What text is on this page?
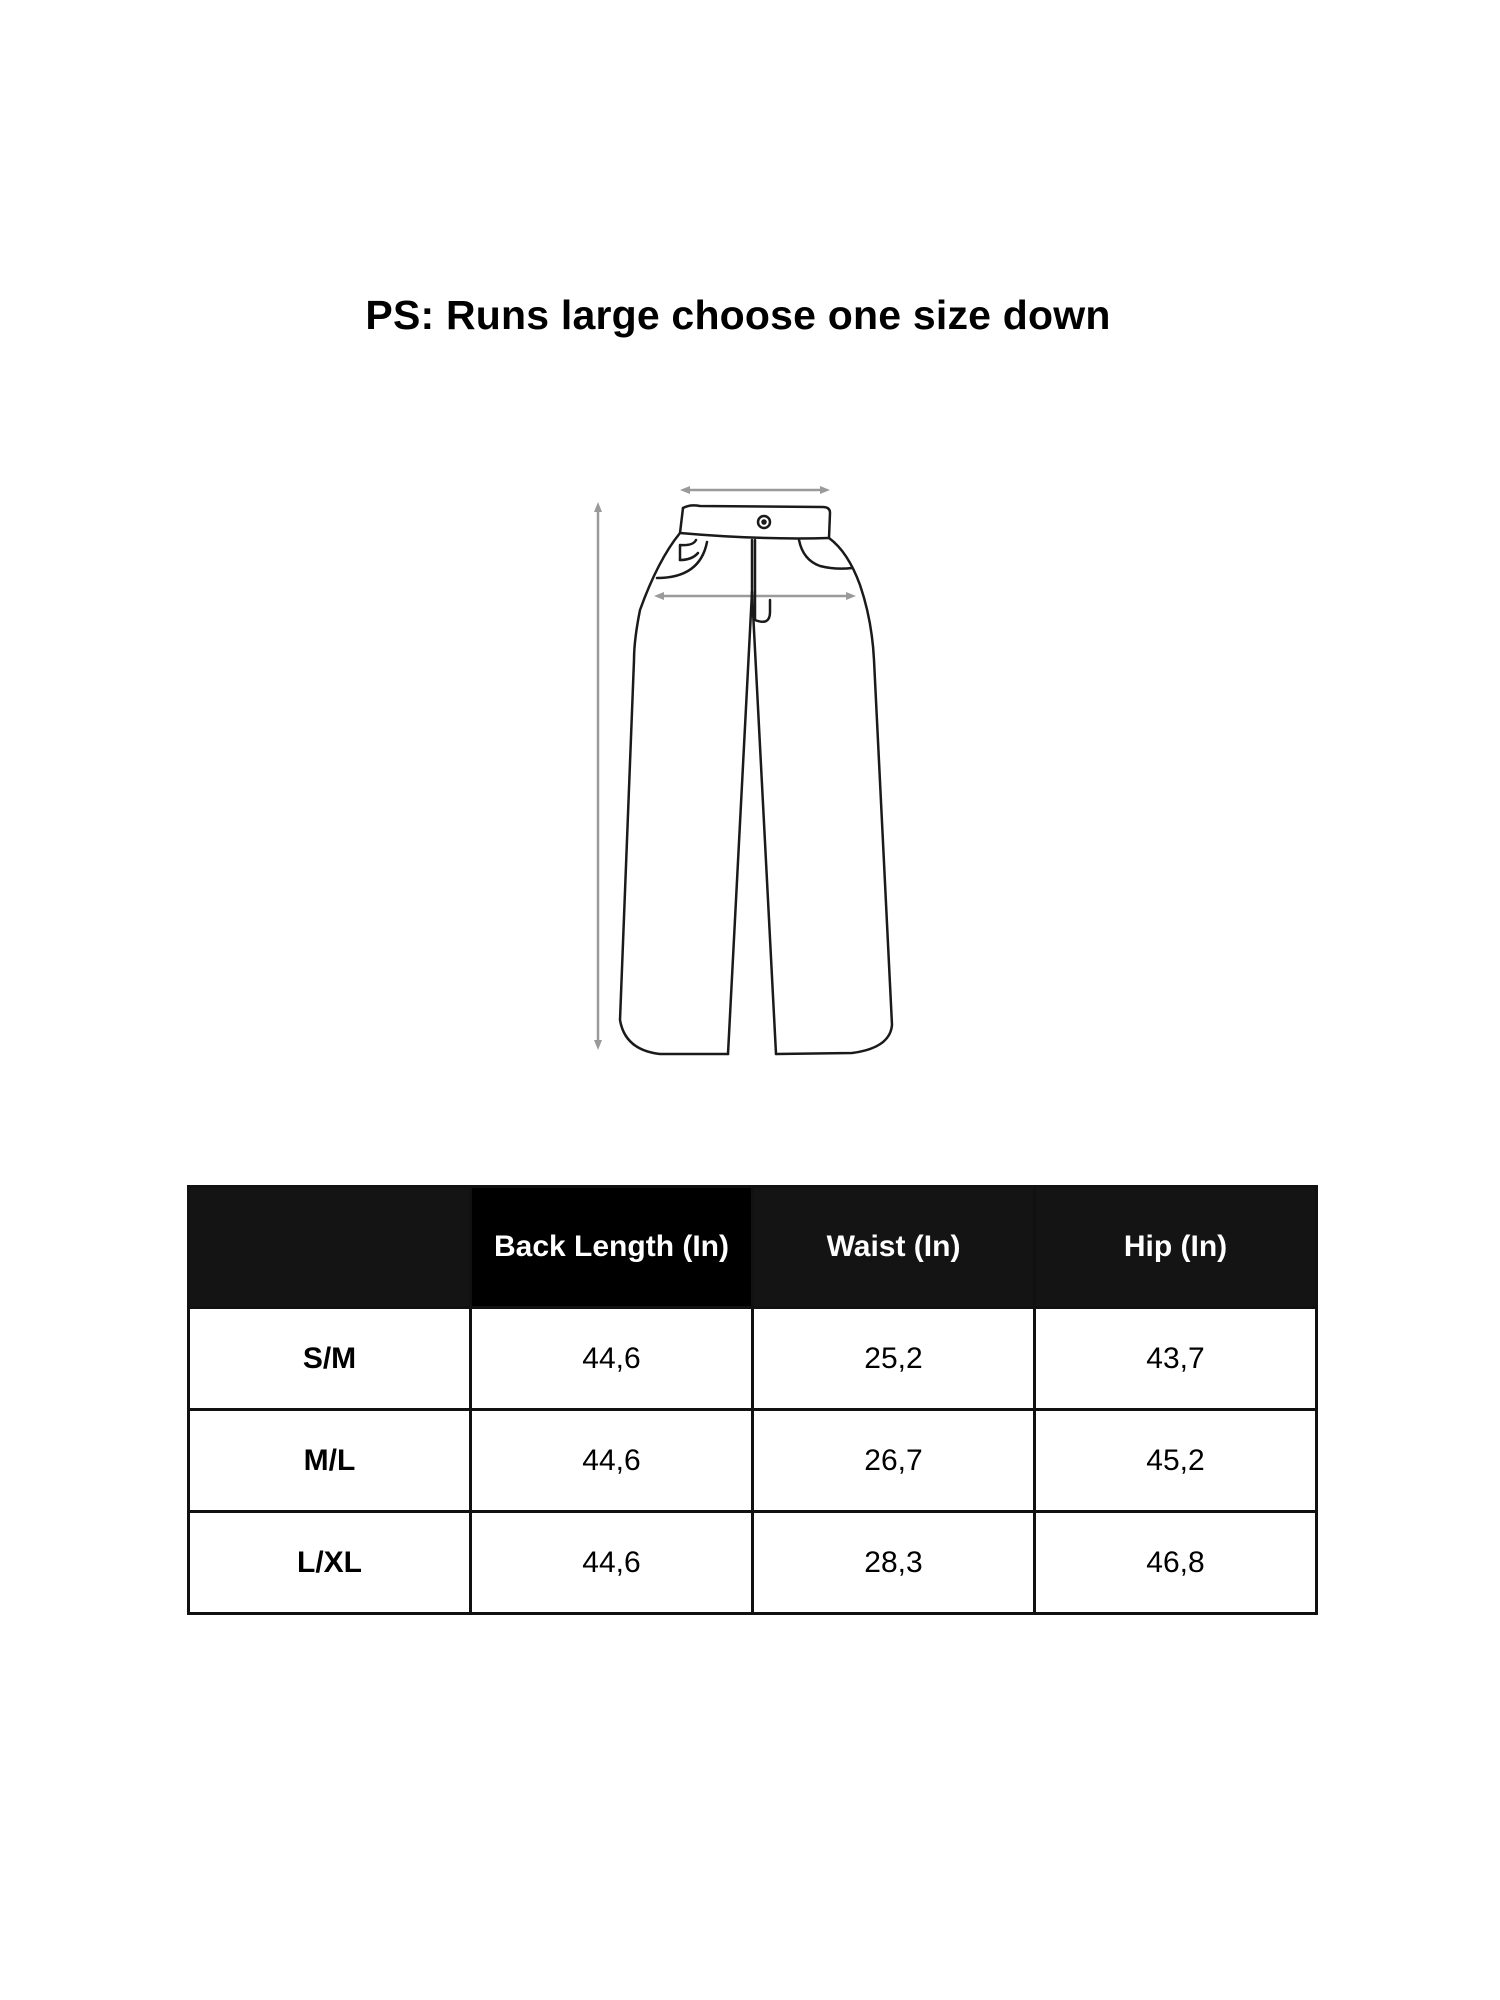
PS: Runs large choose one size down
	Back Length (In)	Waist (In)	Hip (In)
S/M	44,6	25,2	43,7
M/L	44,6	26,7	45,2
L/XL	44,6	28,3	46,8
